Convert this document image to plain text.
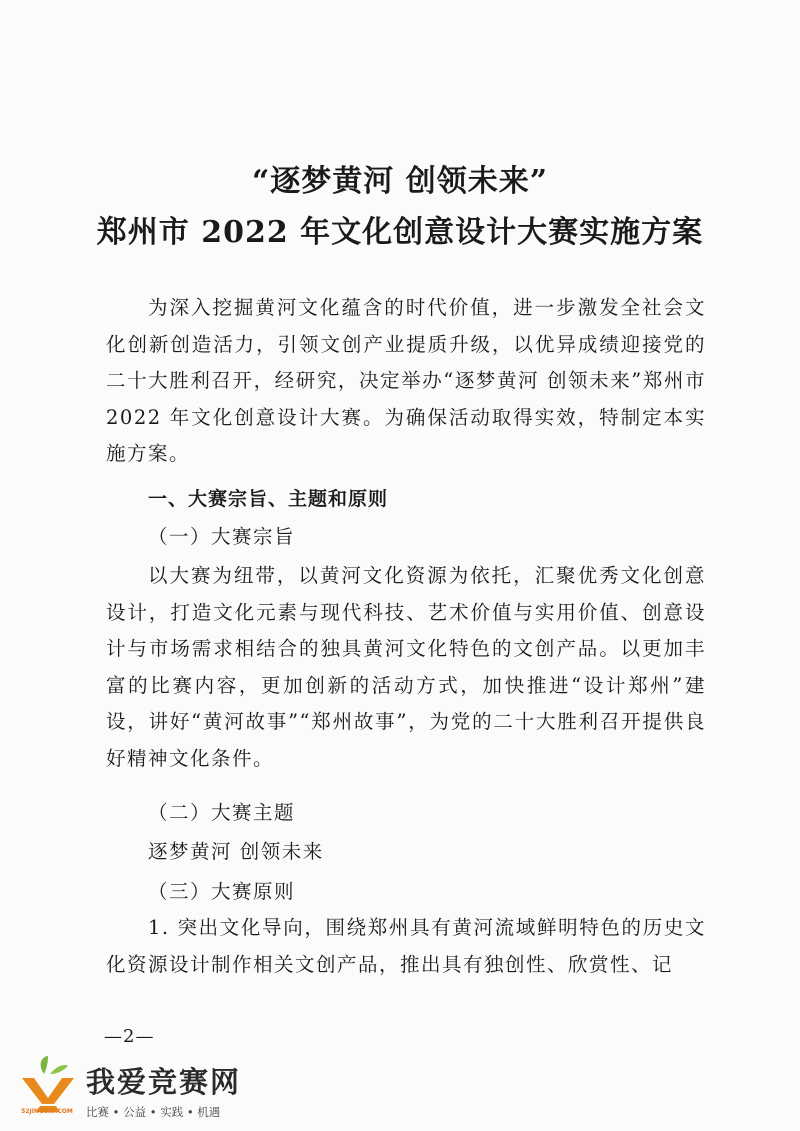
“逐梦黄河 创领未来”
郑州市 2022 年文化创意设计大赛实施方案
为深入挖掘黄河文化蕴含的时代价值，进一步激发全社会文化创新创造活力，引领文创产业提质升级，以优异成绩迎接党的二十大胜利召开，经研究，决定举办“逐梦黄河 创领未来”郑州市 2022 年文化创意设计大赛。为确保活动取得实效，特制定本实施方案。
一、大赛宗旨、主题和原则
（一）大赛宗旨
以大赛为纽带，以黄河文化资源为依托，汇聚优秀文化创意设计，打造文化元素与现代科技、艺术价值与实用价值、创意设计与市场需求相结合的独具黄河文化特色的文创产品。以更加丰富的比赛内容，更加创新的活动方式，加快推进“设计郑州”建设，讲好“黄河故事”“郑州故事”，为党的二十大胜利召开提供良好精神文化条件。
（二）大赛主题
逐梦黄河 创领未来
（三）大赛原则
1. 突出文化导向，围绕郑州具有黄河流域鲜明特色的历史文化资源设计制作相关文创产品，推出具有独创性、欣赏性、记
—2—
52JINGSAI.COM
我爱竞赛网
比赛 • 公益 • 实践 • 机遇
